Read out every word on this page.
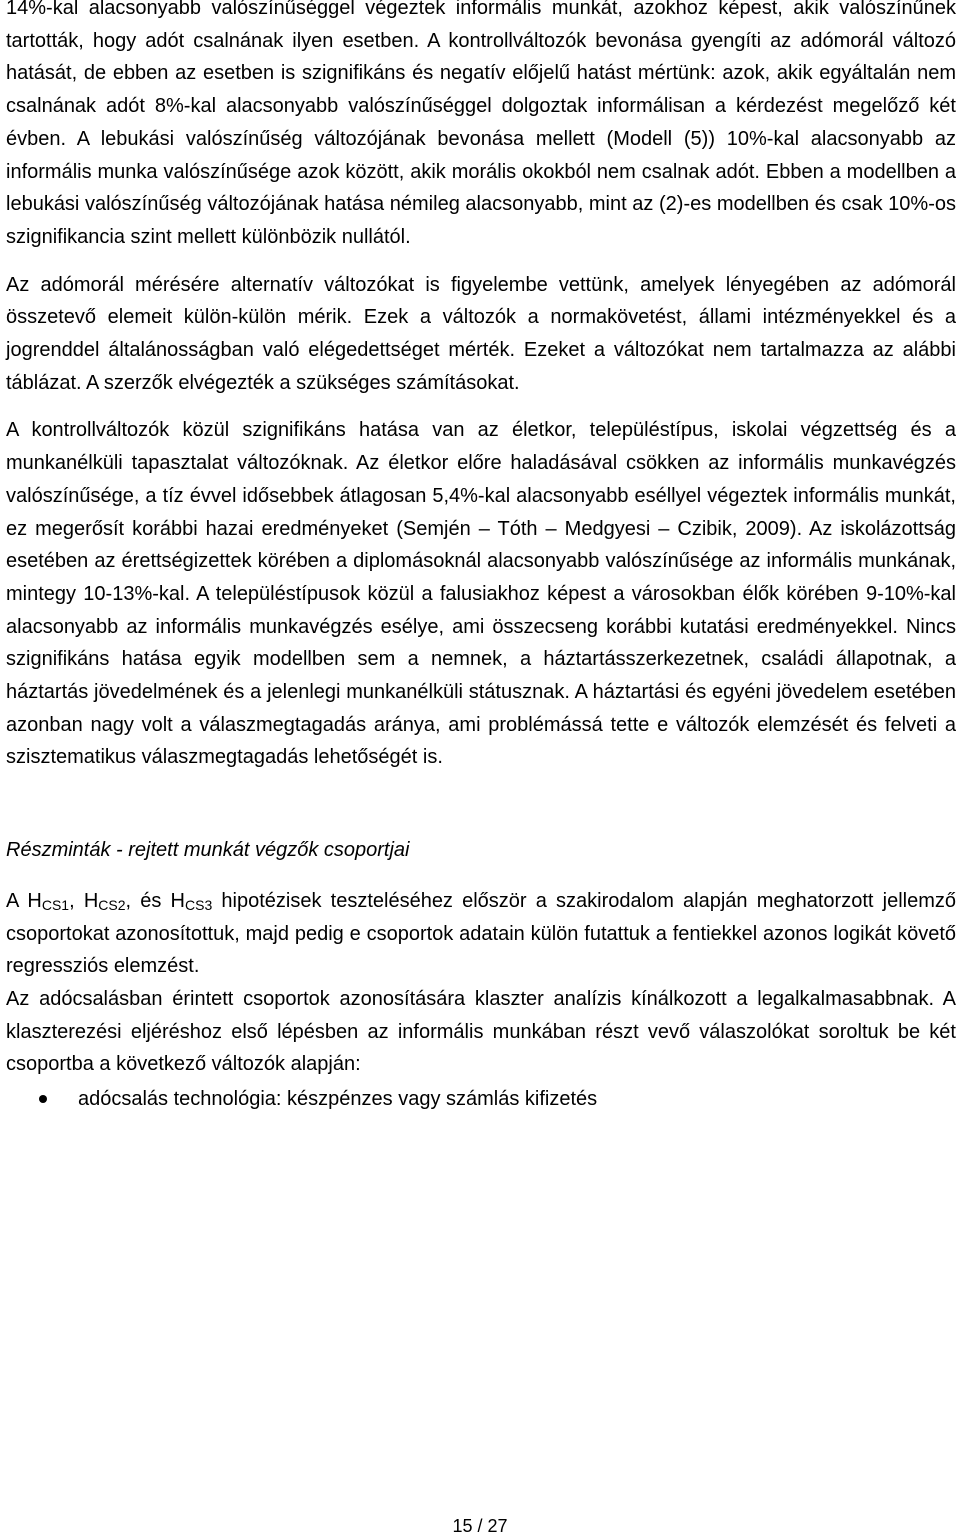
14%-kal alacsonyabb valószínűséggel végeztek informális munkát, azokhoz képest, akik valószínűnek tartották, hogy adót csalnának ilyen esetben. A kontrollváltozók bevonása gyengíti az adómorál változó hatását, de ebben az esetben is szignifikáns és negatív előjelű hatást mértünk: azok, akik egyáltalán nem csalnának adót 8%-kal alacsonyabb valószínűséggel dolgoztak informálisan a kérdezést megelőző két évben. A lebukási valószínűség változójának bevonása mellett (Modell (5)) 10%-kal alacsonyabb az informális munka valószínűsége azok között, akik morális okokból nem csalnak adót. Ebben a modellben a lebukási valószínűség változójának hatása némileg alacsonyabb, mint az (2)-es modellben és csak 10%-os szignifikancia szint mellett különbözik nullától.

Az adómorál mérésére alternatív változókat is figyelembe vettünk, amelyek lényegében az adómorál összetevő elemeit külön-külön mérik. Ezek a változók a normakövetést, állami intézményekkel és a jogrenddel általánosságban való elégedettséget mérték. Ezeket a változókat nem tartalmazza az alábbi táblázat. A szerzők elvégezték a szükséges számításokat.

A kontrollváltozók közül szignifikáns hatása van az életkor, településtípus, iskolai végzettség és a munkanélküli tapasztalat változóknak. Az életkor előre haladásával csökken az informális munkavégzés valószínűsége, a tíz évvel idősebbek átlagosan 5,4%-kal alacsonyabb eséllyel végeztek informális munkát, ez megerősít korábbi hazai eredményeket (Semjén – Tóth – Medgyesi – Czibik, 2009). Az iskolázottság esetében az érettségizettek körében a diplomásoknál alacsonyabb valószínűsége az informális munkának, mintegy 10-13%-kal. A településtípusok közül a falusiakhoz képest a városokban élők körében 9-10%-kal alacsonyabb az informális munkavégzés esélye, ami összecseng korábbi kutatási eredményekkel. Nincs szignifikáns hatása egyik modellben sem a nemnek, a háztartásszerkezetnek, családi állapotnak, a háztartás jövedelmének és a jelenlegi munkanélküli státusznak. A háztartási és egyéni jövedelem esetében azonban nagy volt a válaszmegtagadás aránya, ami problémássá tette e változók elemzését és felveti a szisztematikus válaszmegtagadás lehetőségét is.

Részminták - rejtett munkát végzők csoportjai

A $H_{CS1}$, $H_{CS2}$, és $H_{CS3}$ hipotézisek teszteléséhez először a szakirodalom alapján meghatorzott jellemző csoportokat azonosítottuk, majd pedig e csoportok adatain külön futattuk a fentiekkel azonos logikát követő regressziós elemzést.

Az adócsalásban érintett csoportok azonosítására klaszter analízis kínálkozott a legalkalmasabbnak. A klaszterezési eljéréshoz első lépésben az informális munkában részt vevő válaszolókat soroltuk be két csoportba a következő változók alapján:

adócsalás technológia: készpénzes vagy számlás kifizetés
15 / 27
